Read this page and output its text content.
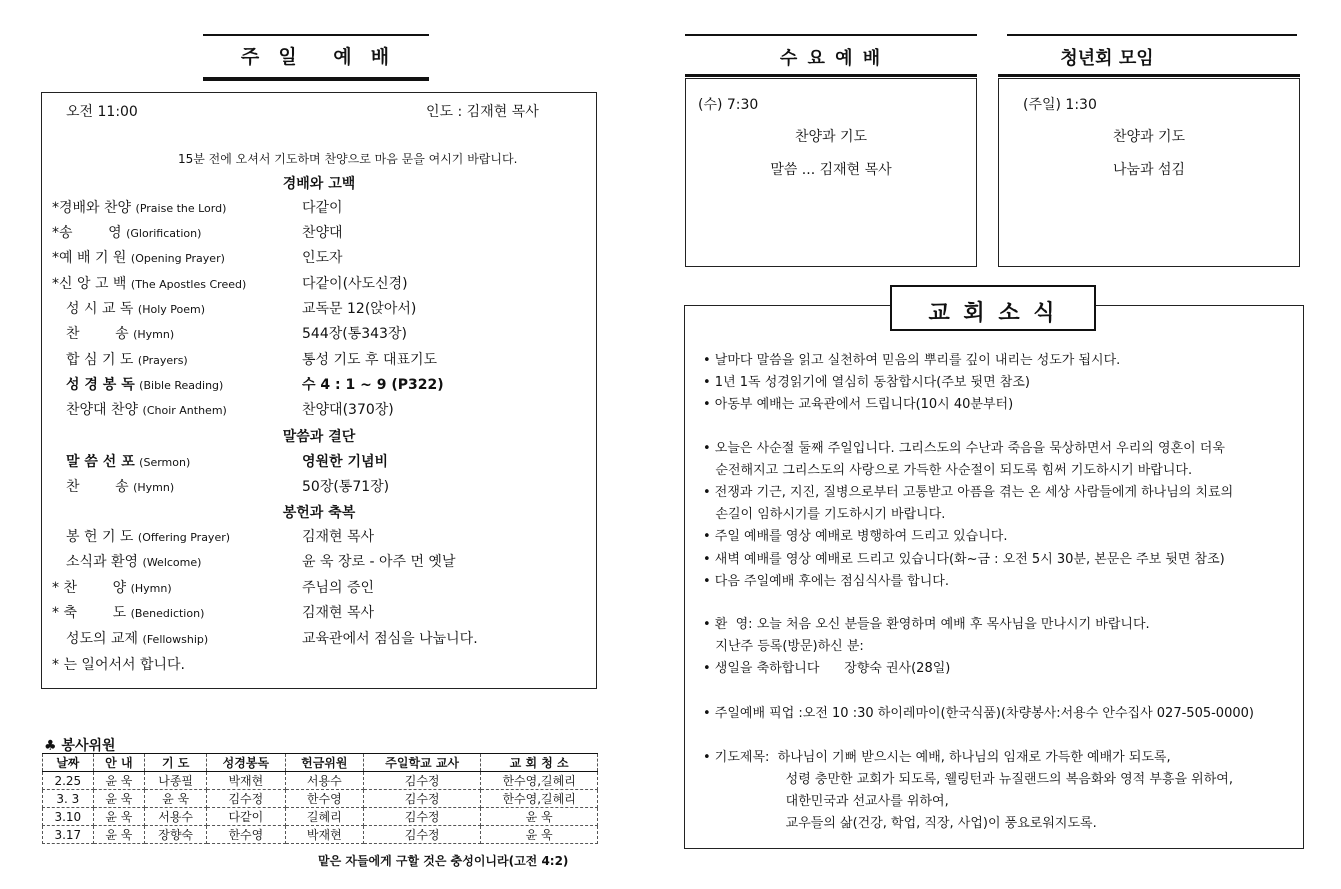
주  일    예  배
오전 11:00	인도 : 김재현 목사
15분 전에 오셔서 기도하며 찬양으로 마음 문을 여시기 바랍니다.
경배와 고백
*경배와 찬양 (Praise the Lord)	다같이
*송        영 (Glorification)	찬양대
*예 배 기 원 (Opening Prayer)	인도자
*신 앙 고 백 (The Apostles Creed)	다같이(사도신경)
성 시 교 독 (Holy Poem)	교독문 12(앉아서)
찬        송 (Hymn)	544장(통343장)
합 심 기 도 (Prayers)	통성 기도 후 대표기도
성 경 봉 독 (Bible Reading)	수 4 : 1 ~ 9 (P322)
찬양대 찬양 (Choir Anthem)	찬양대(370장)
말 씀 선 포 (Sermon)	영원한 기념비
찬        송 (Hymn)	50장(통71장)
봉 헌 기 도 (Offering Prayer)	김재현 목사
소식과 환영 (Welcome)	윤 욱 장로 - 아주 먼 옛날
* 찬        양 (Hymn)	주님의 증인
* 축        도 (Benediction)	김재현 목사
성도의 교제 (Fellowship)	교육관에서 점심을 나눕니다.
말씀과 결단
봉헌과 축복
* 는 일어서서 합니다.
♣ 봉사위원
날짜	안 내	기 도	성경봉독	헌금위원	주일학교 교사	교 회 청 소
2.25	윤 욱	나종필	박재현	서용수	김수정	한수영,길혜리
3. 3	윤 욱	윤 욱	김수정	한수영	김수정	한수영,길혜리
3.10	윤 욱	서용수	다같이	길혜리	김수정	윤 욱
3.17	윤 욱	장향숙	한수영	박재현	김수정	윤 욱
맡은 자들에게 구할 것은 충성이니라(고전 4:2)
수 요 예 배
(수) 7:30
찬양과 기도
말씀 ... 김재현 목사
청년회 모임
(주일) 1:30
찬양과 기도
나눔과 섬김
• 날마다 말씀을 읽고 실천하여 믿음의 뿌리를 깊이 내리는 성도가 됩시다.
• 1년 1독 성경읽기에 열심히 동참합시다(주보 뒷면 참조)
• 아동부 예배는 교육관에서 드립니다(10시 40분부터)
• 오늘은 사순절 둘째 주일입니다. 그리스도의 수난과 죽음을 묵상하면서 우리의 영혼이 더욱
순전해지고 그리스도의 사랑으로 가득한 사순절이 되도록 힘써 기도하시기 바랍니다.
• 전쟁과 기근, 지진, 질병으로부터 고통받고 아픔을 겪는 온 세상 사람들에게 하나님의 치료의
손길이 임하시기를 기도하시기 바랍니다.
• 주일 예배를 영상 예배로 병행하여 드리고 있습니다.
• 새벽 예배를 영상 예배로 드리고 있습니다(화~금 : 오전 5시 30분, 본문은 주보 뒷면 참조)
• 다음 주일예배 후에는 점심식사를 합니다.
• 환  영: 오늘 처음 오신 분들을 환영하며 예배 후 목사님을 만나시기 바랍니다.
지난주 등록(방문)하신 분:
• 생일을 축하합니다      장향숙 권사(28일)
• 주일예배 픽업 :오전 10 :30 하이레마이(한국식품)(차량봉사:서용수 안수집사 027-505-0000)
• 기도제목:  하나님이 기뻐 받으시는 예배, 하나님의 임재로 가득한 예배가 되도록,
성령 충만한 교회가 되도록, 웰링턴과 뉴질랜드의 복음화와 영적 부흥을 위하여,
대한민국과 선교사를 위하여,
교우들의 삶(건강, 학업, 직장, 사업)이 풍요로워지도록.
교 회 소 식
